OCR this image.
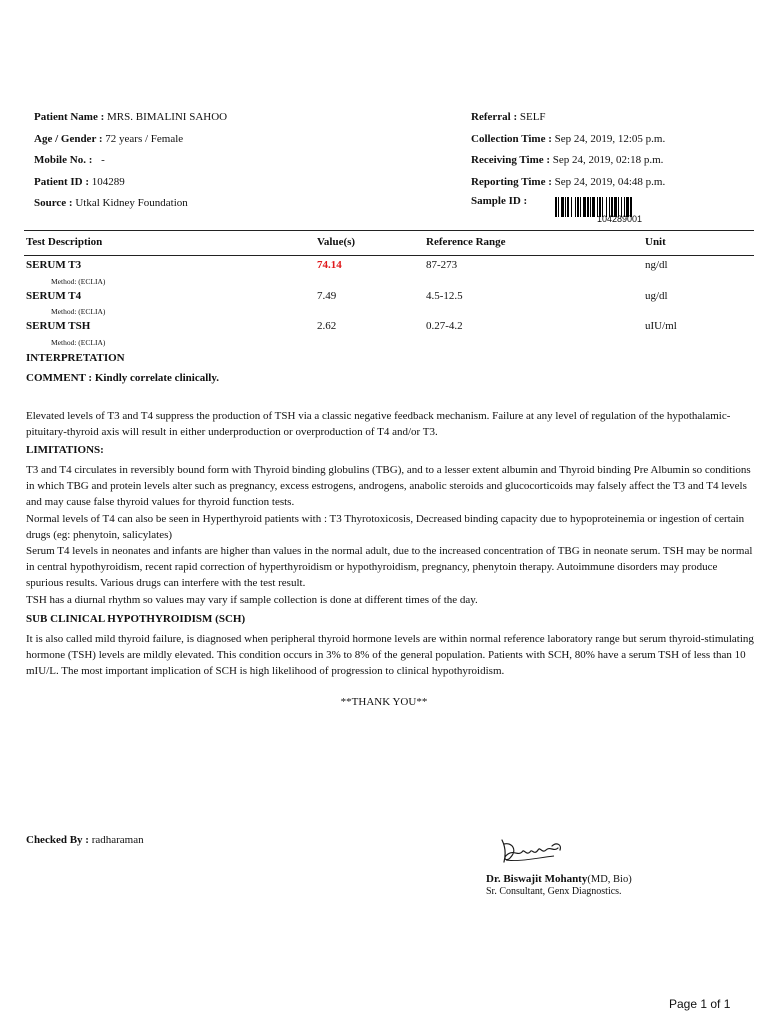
Patient Name : MRS. BIMALINI SAHOO
Age / Gender : 72 years / Female
Mobile No. : -
Patient ID : 104289
Source : Utkal Kidney Foundation
Referral : SELF
Collection Time : Sep 24, 2019, 12:05 p.m.
Receiving Time : Sep 24, 2019, 02:18 p.m.
Reporting Time : Sep 24, 2019, 04:48 p.m.
Sample ID :
104289001
Test Description	Value(s)	Reference Range	Unit
SERUM T3	74.14	87-273	ng/dl
Method: (ECLIA)
SERUM T4	7.49	4.5-12.5	ug/dl
Method: (ECLIA)
SERUM TSH	2.62	0.27-4.2	uIU/ml
Method: (ECLIA)
INTERPRETATION
COMMENT : Kindly correlate clinically.

Elevated levels of T3 and T4 suppress the production of TSH via a classic negative feedback mechanism. Failure at any level of regulation of the hypothalamic-pituitary-thyroid axis will result in either underproduction or overproduction of T4 and/or T3.

LIMITATIONS:

T3 and T4 circulates in reversibly bound form with Thyroid binding globulins (TBG), and to a lesser extent albumin and Thyroid binding Pre Albumin so conditions in which TBG and protein levels alter such as pregnancy, excess estrogens, androgens, anabolic steroids and glucocorticoids may falsely affect the T3 and T4 levels and may cause false thyroid values for thyroid function tests.

Normal levels of T4 can also be seen in Hyperthyroid patients with : T3 Thyrotoxicosis, Decreased binding capacity due to hypoproteinemia or ingestion of certain drugs (eg: phenytoin, salicylates)

Serum T4 levels in neonates and infants are higher than values in the normal adult, due to the increased concentration of TBG in neonate serum. TSH may be normal in central hypothyroidism, recent rapid correction of hyperthyroidism or hypothyroidism, pregnancy, phenytoin therapy. Autoimmune disorders may produce spurious results. Various drugs can interfere with the test result.

TSH has a diurnal rhythm so values may vary if sample collection is done at different times of the day.

SUB CLINICAL HYPOTHYROIDISM (SCH)

It is also called mild thyroid failure, is diagnosed when peripheral thyroid hormone levels are within normal reference laboratory range but serum thyroid-stimulating hormone (TSH) levels are mildly elevated. This condition occurs in 3% to 8% of the general population. Patients with SCH, 80% have a serum TSH of less than 10 mIU/L. The most important implication of SCH is high likelihood of progression to clinical hypothyroidism.

**THANK YOU**
Checked By : radharaman
Dr. Biswajit Mohanty(MD, Bio)
Sr. Consultant, Genx Diagnostics.
Page 1 of 1
